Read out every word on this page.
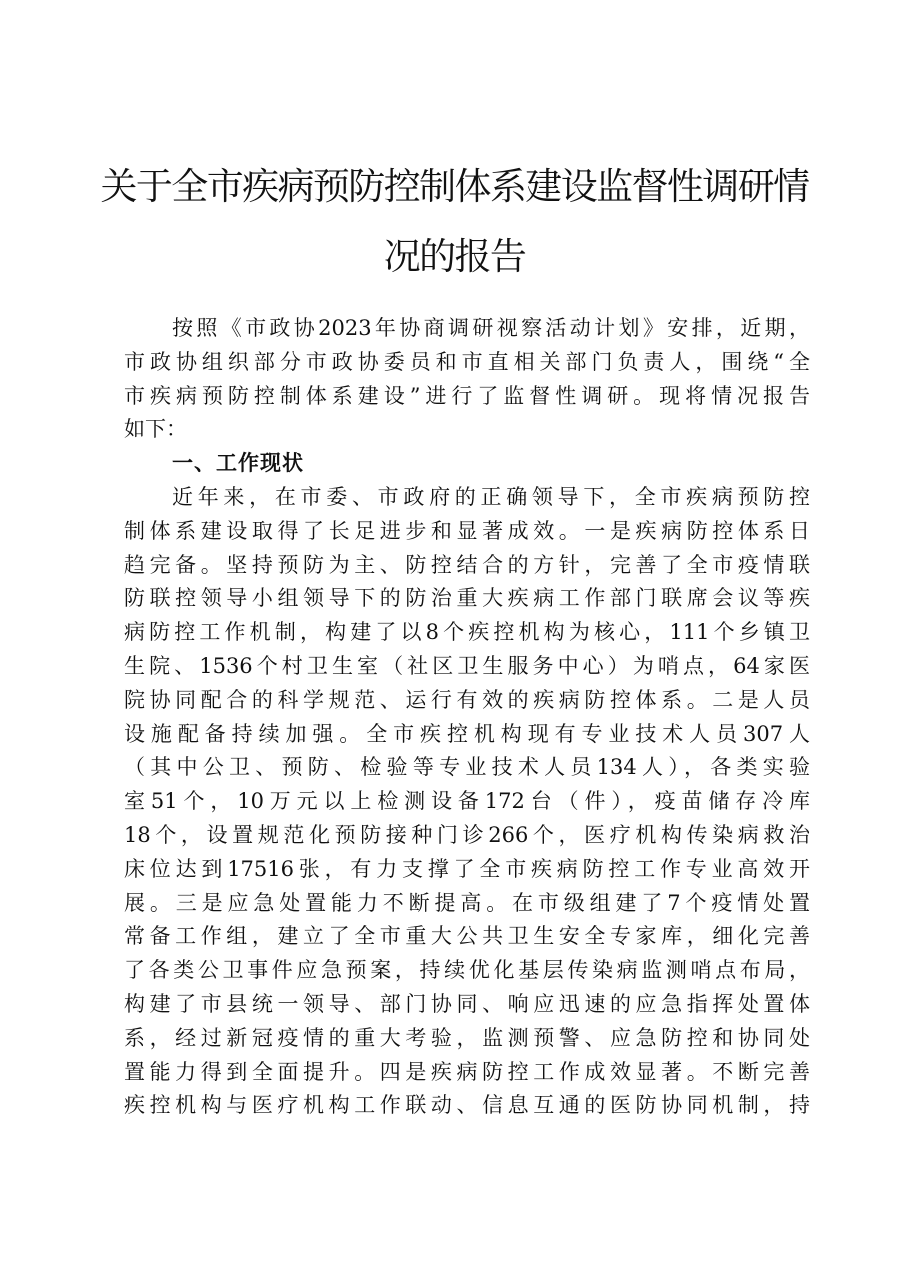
关于全市疾病预防控制体系建设监督性调研情
况的报告
按照《市政协2023年协商调研视察活动计划》安排，近期，
市政协组织部分市政协委员和市直相关部门负责人，围绕“全
市疾病预防控制体系建设”进行了监督性调研。现将情况报告
如下：
一、工作现状
近年来，在市委、市政府的正确领导下，全市疾病预防控
制体系建设取得了长足进步和显著成效。一是疾病防控体系日
趋完备。坚持预防为主、防控结合的方针，完善了全市疫情联
防联控领导小组领导下的防治重大疾病工作部门联席会议等疾
病防控工作机制，构建了以8个疾控机构为核心，111个乡镇卫
生院、1536个村卫生室（社区卫生服务中心）为哨点，64家医
院协同配合的科学规范、运行有效的疾病防控体系。二是人员
设施配备持续加强。全市疾控机构现有专业技术人员307人
（其中公卫、预防、检验等专业技术人员134人），各类实验
室51个，10万元以上检测设备172台（件），疫苗储存冷库
18个，设置规范化预防接种门诊266个，医疗机构传染病救治
床位达到17516张，有力支撑了全市疾病防控工作专业高效开
展。三是应急处置能力不断提高。在市级组建了7个疫情处置
常备工作组，建立了全市重大公共卫生安全专家库，细化完善
了各类公卫事件应急预案，持续优化基层传染病监测哨点布局，
构建了市县统一领导、部门协同、响应迅速的应急指挥处置体
系，经过新冠疫情的重大考验，监测预警、应急防控和协同处
置能力得到全面提升。四是疾病防控工作成效显著。不断完善
疾控机构与医疗机构工作联动、信息互通的医防协同机制，持
